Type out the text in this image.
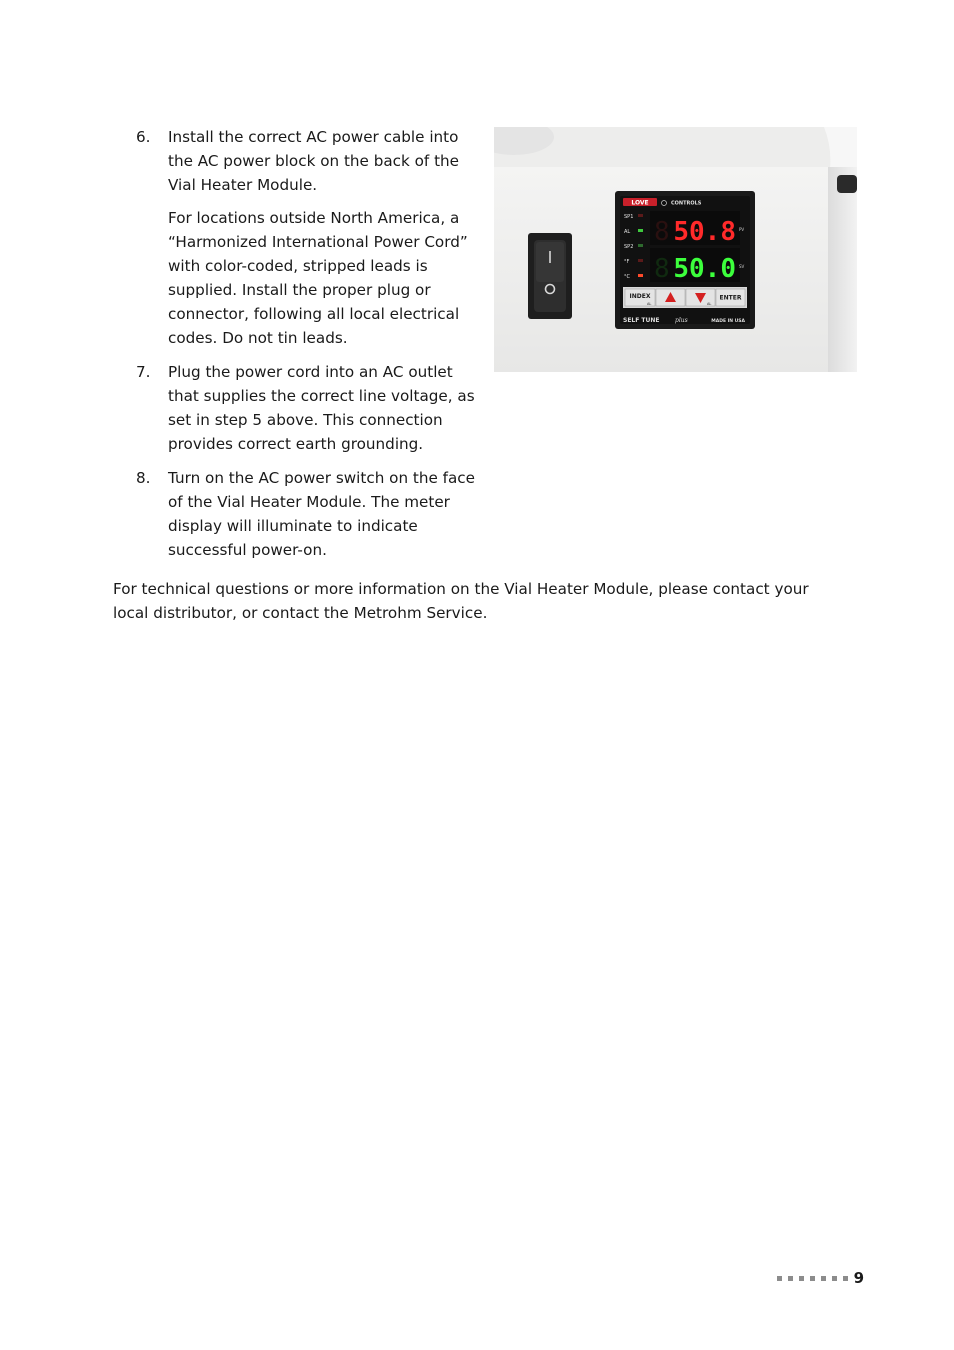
6. Install the correct AC power cable into the AC power block on the back of the Vial Heater Module.

For locations outside North America, a “Harmonized International Power Cord” with color-coded, stripped leads is supplied. Install the proper plug or connector, following all local electrical codes. Do not tin leads.

7. Plug the power cord into an AC outlet that supplies the correct line voltage, as set in step 5 above. This connection provides correct earth grounding.

8. Turn on the AC power switch on the face of the Vial Heater Module. The meter display will illuminate to indicate successful power-on.

LOVE	CONTROLS
SP1
AL
SP2
°F
°C
8
8
50.8
50.0
PV
SV
INDEX
AL	AL
ENTER
SELF TUNE	plus	MADE IN USA

For technical questions or more information on the Vial Heater Module, please contact your local distributor, or contact the Metrohm Service.

9
